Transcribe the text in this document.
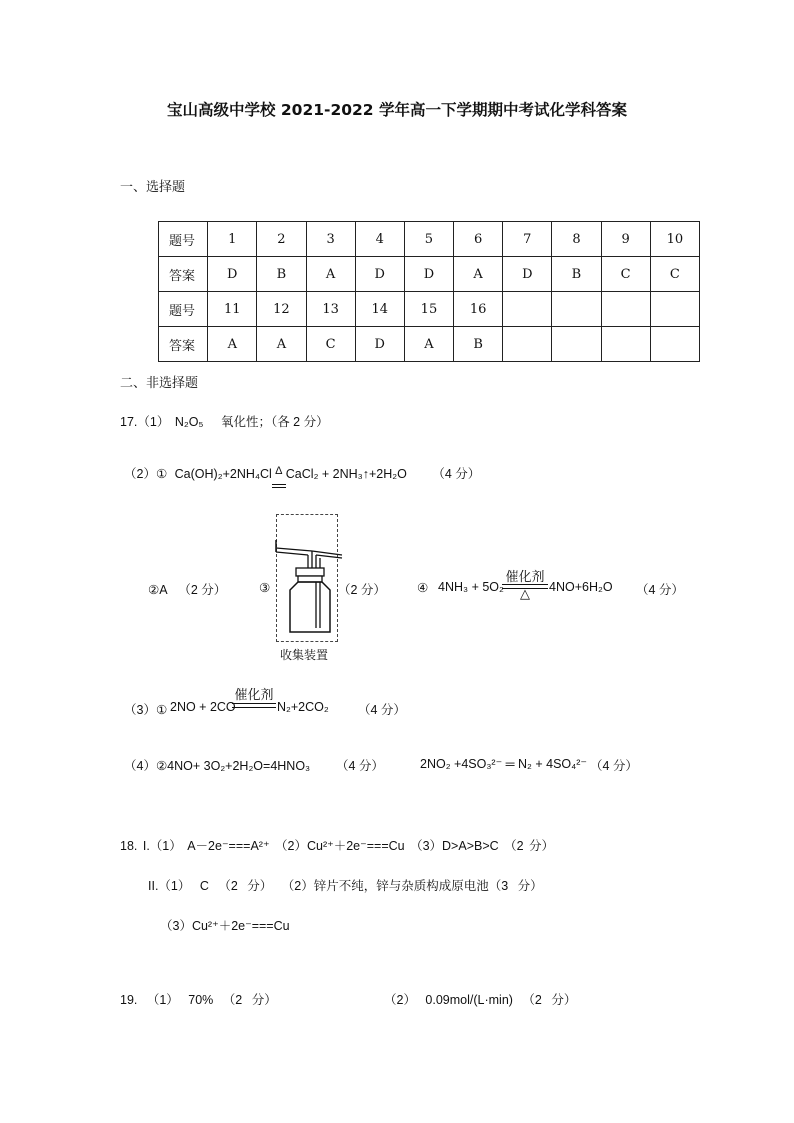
宝山高级中学校 2021-2022 学年高一下学期期中考试化学科答案
一、选择题
题号	1	2	3	4	5	6	7	8	9	10
答案	D	B	A	D	D	A	D	B	C	C
题号	11	12	13	14	15	16				
答案	A	A	C	D	A	B				
二、非选择题
17.（1） N₂O₅ 氧化性；（各 2 分）
（2）① Ca(OH)₂+2NH₄Cl Δ CaCl₂ + 2NH₃↑+2H₂O （4 分）
②A （2 分）	③
收集装置
（2 分） ④ 4NH₃ + 5O₂
催化剂
△	4NO+6H₂O （4 分）
（3）① 2NO + 2CO
催化剂
N₂+2CO₂ （4 分）
（4）②4NO+ 3O₂+2H₂O=4HNO₃ （4 分）	2NO₂ +4SO₃²⁻ ═ N₂ + 4SO₄²⁻ （4 分）
18. I.（1） A－2e⁻===A²⁺ （2）Cu²⁺＋2e⁻===Cu （3）D>A>B>C （2 分）
II.（1） C （2 分） （2）锌片不纯，锌与杂质构成原电池（3 分）
（3）Cu²⁺＋2e⁻===Cu
19. （1） 70% （2 分）	（2） 0.09mol/(L·min) （2 分）
